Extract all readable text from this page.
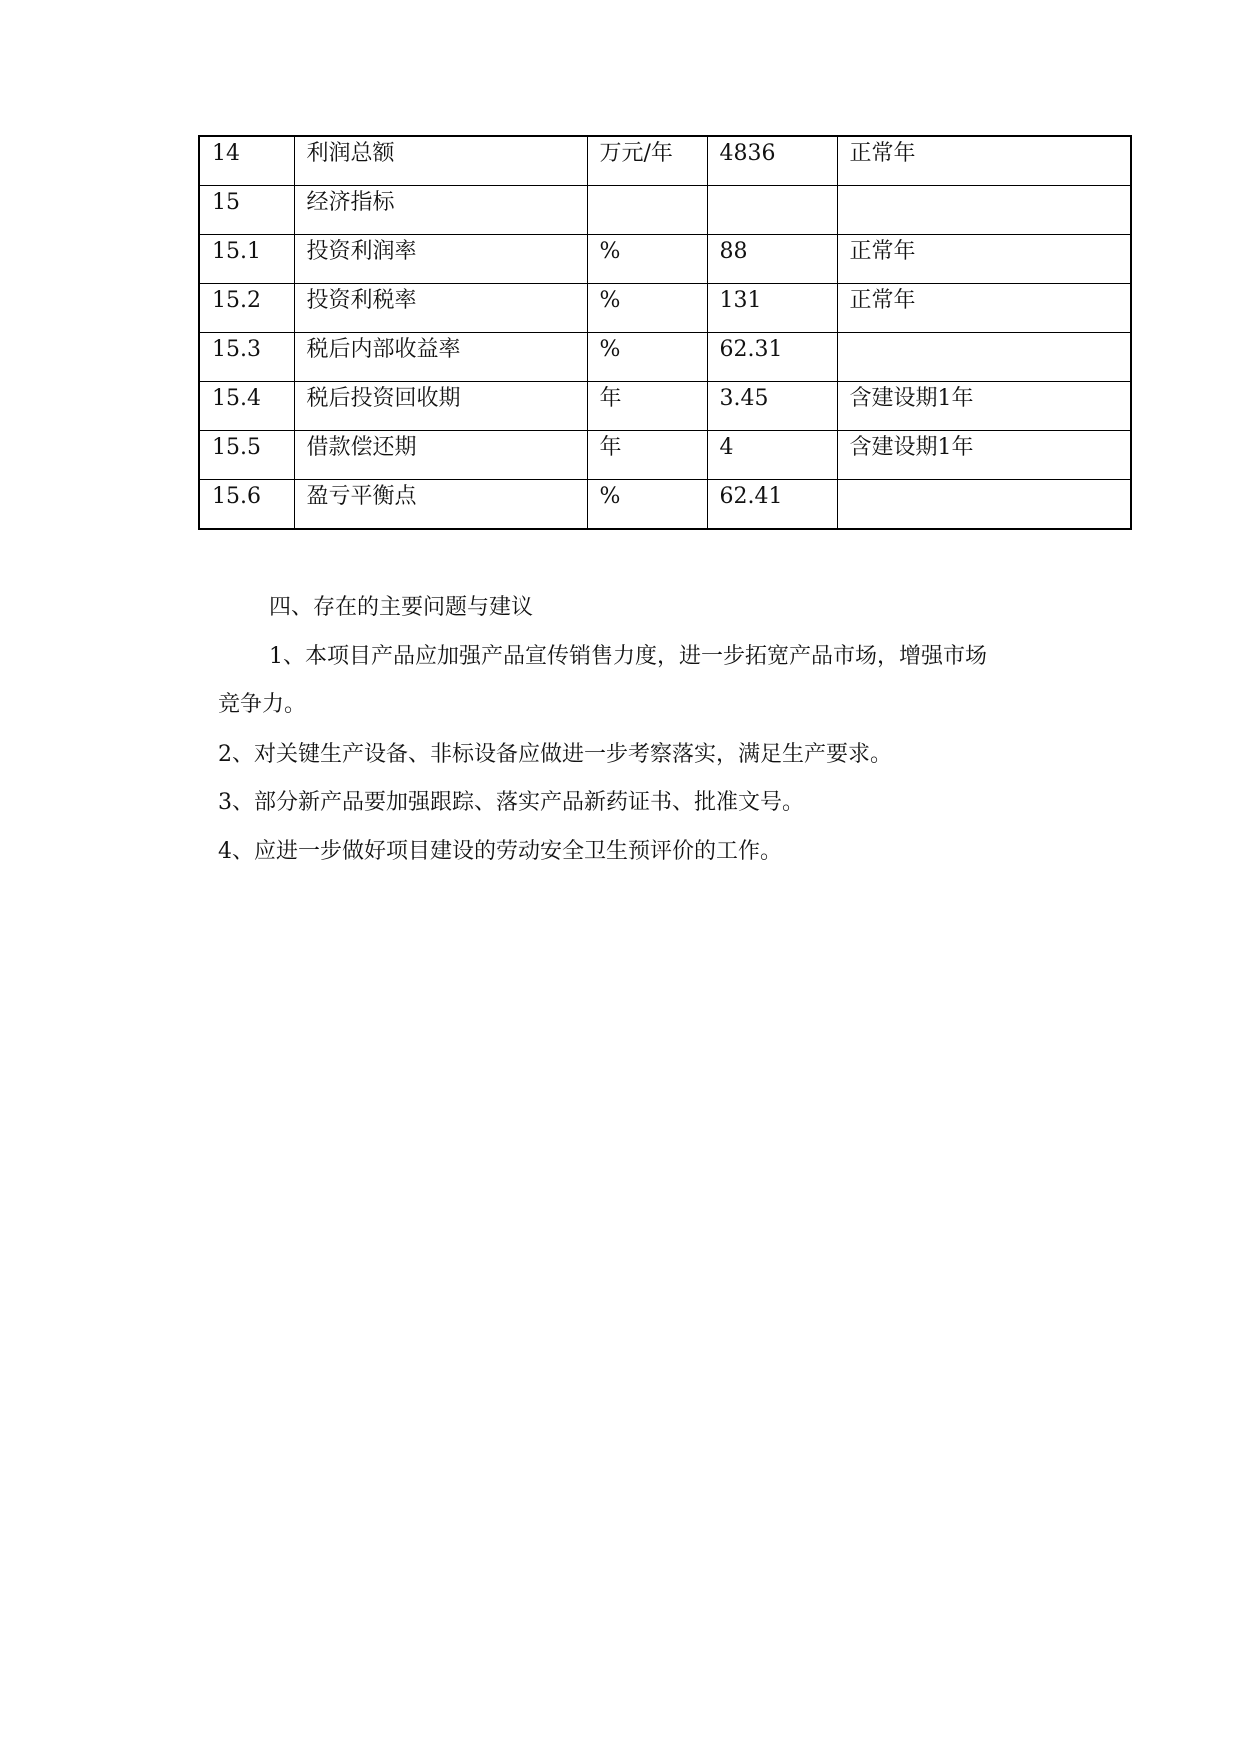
14	利润总额	万元/年	4836	正常年
15	经济指标			
15.1	投资利润率	%	88	正常年
15.2	投资利税率	%	131	正常年
15.3	税后内部收益率	%	62.31	
15.4	税后投资回收期	年	3.45	含建设期1年
15.5	借款偿还期	年	4	含建设期1年
15.6	盈亏平衡点	%	62.41	
四、存在的主要问题与建议

1、本项目产品应加强产品宣传销售力度，进一步拓宽产品市场，增强市场

竞争力。

2、对关键生产设备、非标设备应做进一步考察落实，满足生产要求。

3、部分新产品要加强跟踪、落实产品新药证书、批准文号。

4、应进一步做好项目建设的劳动安全卫生预评价的工作。
